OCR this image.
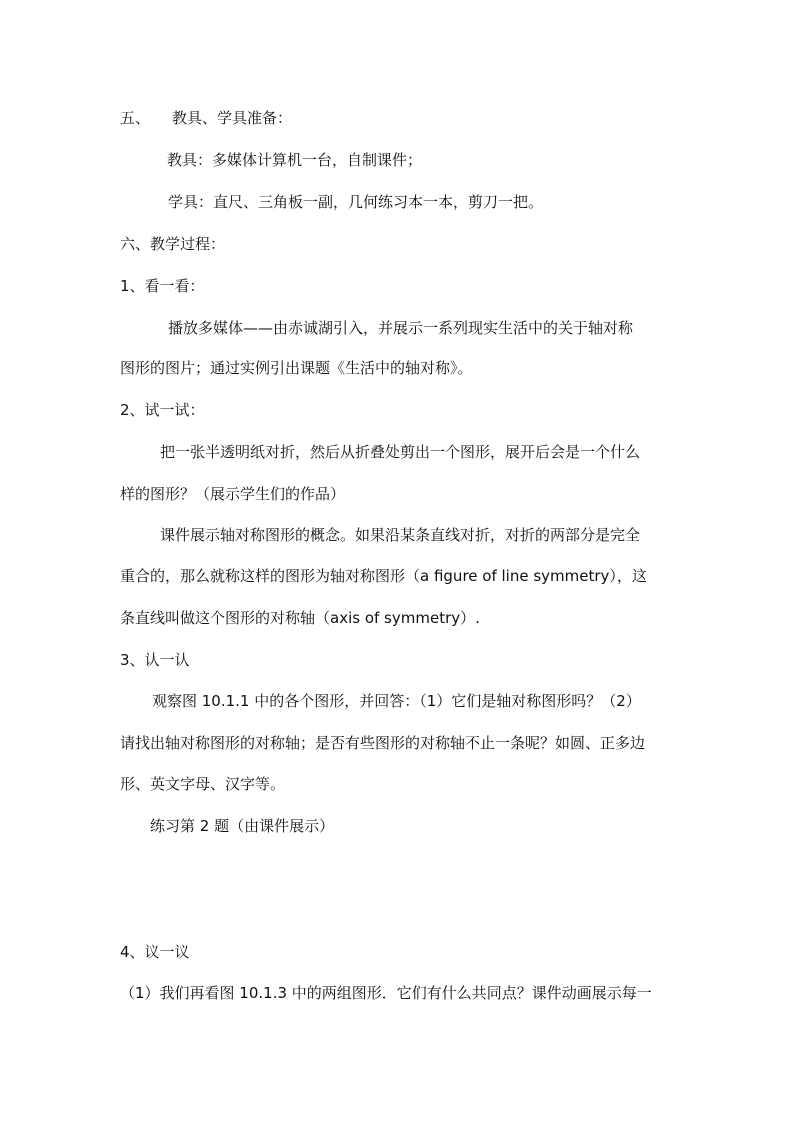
五、 教具、学具准备：
教具：多媒体计算机一台，自制课件；
学具：直尺、三角板一副，几何练习本一本，剪刀一把。
六、教学过程：
1、看一看：
播放多媒体——由赤诚湖引入，并展示一系列现实生活中的关于轴对称
图形的图片；通过实例引出课题《生活中的轴对称》。
2、试一试：
把一张半透明纸对折，然后从折叠处剪出一个图形，展开后会是一个什么
样的图形？（展示学生们的作品）
课件展示轴对称图形的概念。如果沿某条直线对折，对折的两部分是完全
重合的，那么就称这样的图形为轴对称图形（a figure of line symmetry），这
条直线叫做这个图形的对称轴（axis of symmetry）.
3、认一认
观察图 10.1.1 中的各个图形，并回答：（1）它们是轴对称图形吗？（2）
请找出轴对称图形的对称轴；是否有些图形的对称轴不止一条呢？如圆、正多边
形、英文字母、汉字等。
练习第 2 题（由课件展示）
4、议一议
（1）我们再看图 10.1.3 中的两组图形．它们有什么共同点？课件动画展示每一
